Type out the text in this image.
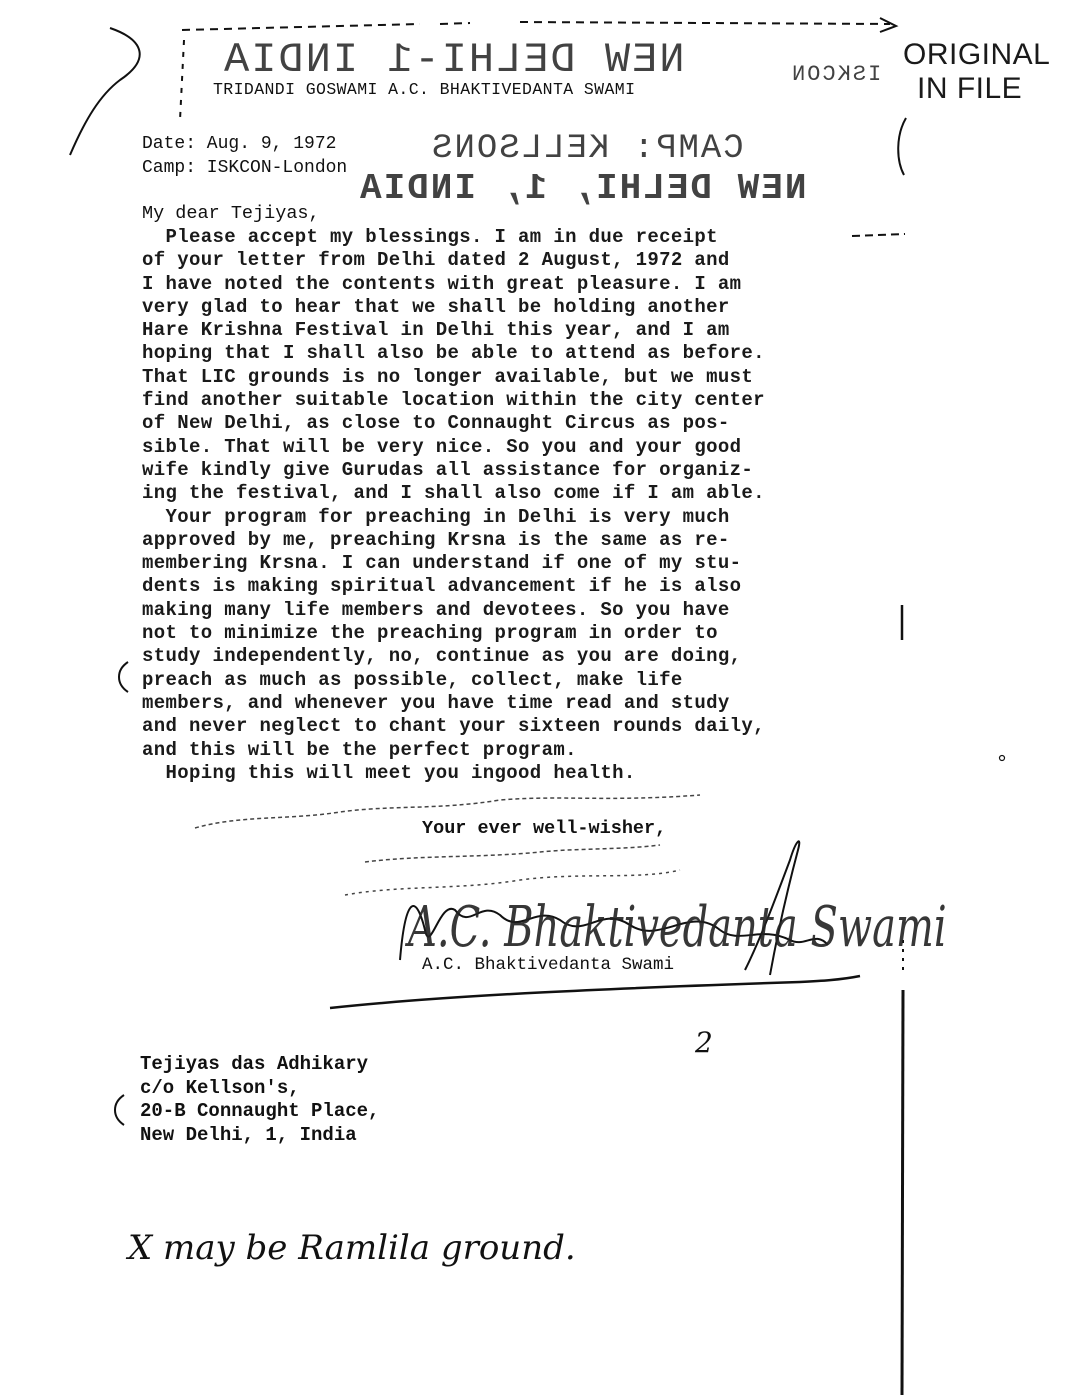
ORIGINAL
IN FILE
NEW DELHI-1 INDIA	ISKCON
CAMP: KELLSONS
NEW DELHI, 1, INDIA
TRIDANDI GOSWAMI A.C. BHAKTIVEDANTA SWAMI
Date: Aug. 9, 1972
Camp: ISKCON-London
My dear Tejiyas,
Please accept my blessings. I am in due receipt
of your letter from Delhi dated 2 August, 1972 and
I have noted the contents with great pleasure. I am
very glad to hear that we shall be holding another
Hare Krishna Festival in Delhi this year, and I am
hoping that I shall also be able to attend as before.
That LIC grounds is no longer available, but we must
find another suitable location within the city center
of New Delhi, as close to Connaught Circus as pos-
sible. That will be very nice. So you and your good
wife kindly give Gurudas all assistance for organiz-
ing the festival, and I shall also come if I am able.
Your program for preaching in Delhi is very much
approved by me, preaching Krsna is the same as re-
membering Krsna. I can understand if one of my stu-
dents is making spiritual advancement if he is also
making many life members and devotees. So you have
not to minimize the preaching program in order to
study independently, no, continue as you are doing,
preach as much as possible, collect, make life
members, and whenever you have time read and study
and never neglect to chant your sixteen rounds daily,
and this will be the perfect program.
Hoping this will meet you ingood health.
Your ever well-wisher,
A.C. Bhaktivedanta Swami
A.C. Bhaktivedanta Swami
2
Tejiyas das Adhikary
c/o Kellson's,
20-B Connaught Place,
New Delhi, 1, India
X may be Ramlila ground.
